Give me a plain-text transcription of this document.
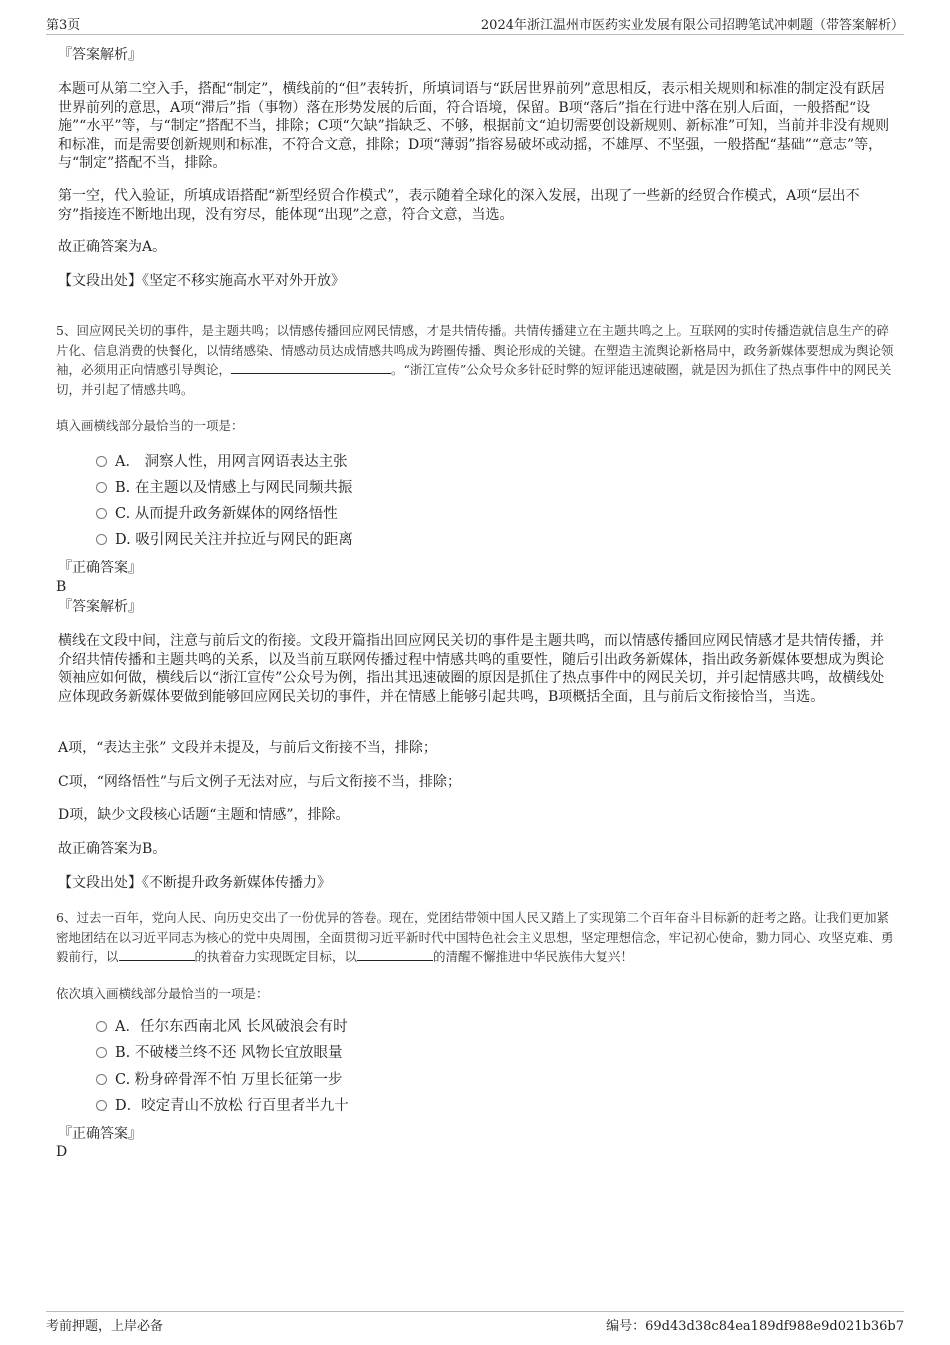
第3页	2024年浙江温州市医药实业发展有限公司招聘笔试冲刺题（带答案解析）
『答案解析』
本题可从第二空入手，搭配“制定”，横线前的“但”表转折，所填词语与“跃居世界前列”意思相反，表示相关规则和标准的制定没有跃居世界前列的意思，A项“滞后”指（事物）落在形势发展的后面，符合语境，保留。B项“落后”指在行进中落在别人后面，一般搭配“设施”“水平”等，与“制定”搭配不当，排除；C项“欠缺”指缺乏、不够，根据前文“迫切需要创设新规则、新标准”可知，当前并非没有规则和标准，而是需要创新规则和标准，不符合文意，排除；D项“薄弱”指容易破坏或动摇，不雄厚、不坚强，一般搭配“基础”“意志”等，与“制定”搭配不当，排除。
第一空，代入验证，所填成语搭配“新型经贸合作模式”，表示随着全球化的深入发展，出现了一些新的经贸合作模式，A项“层出不穷”指接连不断地出现，没有穷尽，能体现“出现”之意，符合文意，当选。
故正确答案为A。
【文段出处】《坚定不移实施高水平对外开放》
5、回应网民关切的事件，是主题共鸣；以情感传播回应网民情感，才是共情传播。共情传播建立在主题共鸣之上。互联网的实时传播造就信息生产的碎片化、信息消费的快餐化，以情绪感染、情感动员达成情感共鸣成为跨圈传播、舆论形成的关键。在塑造主流舆论新格局中，政务新媒体要想成为舆论领袖，必须用正向情感引导舆论，	。“浙江宣传”公众号众多针砭时弊的短评能迅速破圈，就是因为抓住了热点事件中的网民关切，并引起了情感共鸣。
填入画横线部分最恰当的一项是：
A． 洞察人性，用网言网语表达主张
B. 在主题以及情感上与网民同频共振
C. 从而提升政务新媒体的网络悟性
D. 吸引网民关注并拉近与网民的距离
『正确答案』
B
『答案解析』
横线在文段中间，注意与前后文的衔接。文段开篇指出回应网民关切的事件是主题共鸣，而以情感传播回应网民情感才是共情传播，并介绍共情传播和主题共鸣的关系，以及当前互联网传播过程中情感共鸣的重要性，随后引出政务新媒体，指出政务新媒体要想成为舆论领袖应如何做，横线后以“浙江宣传”公众号为例，指出其迅速破圈的原因是抓住了热点事件中的网民关切，并引起情感共鸣，故横线处应体现政务新媒体要做到能够回应网民关切的事件，并在情感上能够引起共鸣，B项概括全面，且与前后文衔接恰当，当选。
A项，“表达主张” 文段并未提及，与前后文衔接不当，排除；
C项，“网络悟性”与后文例子无法对应，与后文衔接不当，排除；
D项，缺少文段核心话题“主题和情感”，排除。
故正确答案为B。
【文段出处】《不断提升政务新媒体传播力》
6、过去一百年，党向人民、向历史交出了一份优异的答卷。现在，党团结带领中国人民又踏上了实现第二个百年奋斗目标新的赶考之路。让我们更加紧密地团结在以习近平同志为核心的党中央周围，全面贯彻习近平新时代中国特色社会主义思想，坚定理想信念，牢记初心使命，勠力同心、攻坚克难、勇毅前行，以	的执着奋力实现既定目标，以	的清醒不懈推进中华民族伟大复兴！
依次填入画横线部分最恰当的一项是：
A．任尔东西南北风 长风破浪会有时
B. 不破楼兰终不还 风物长宜放眼量
C. 粉身碎骨浑不怕 万里长征第一步
D．咬定青山不放松 行百里者半九十
『正确答案』
D
考前押题，上岸必备	编号：69d43d38c84ea189df988e9d021b36b7
